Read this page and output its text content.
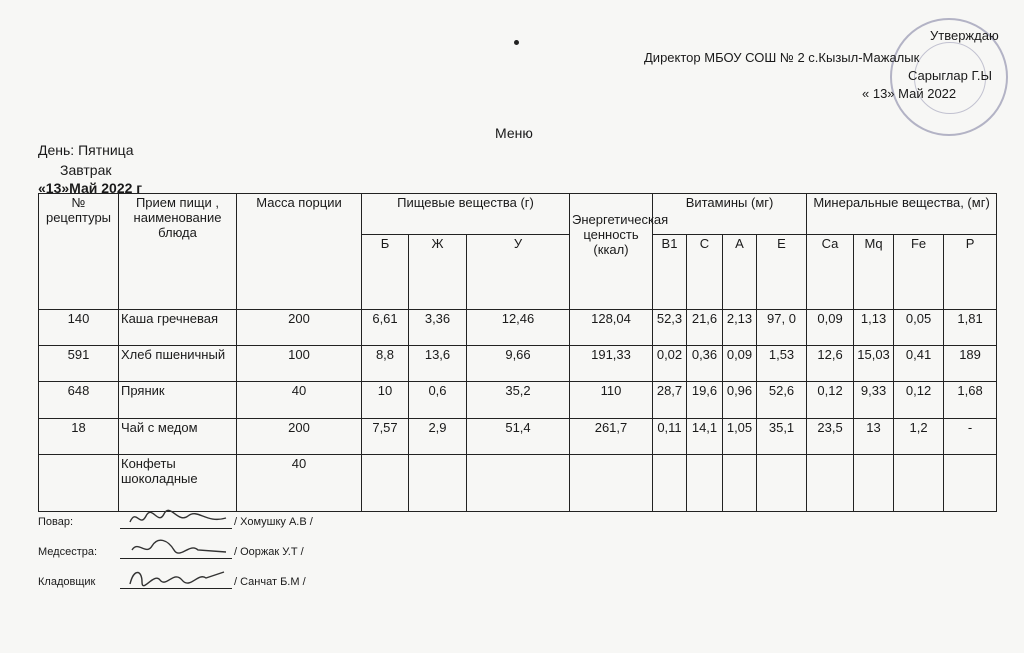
Утверждаю
Директор МБОУ СОШ № 2 с.Кызыл-Мажалык
Сарыглар Г.Ы
« 13» Май 2022
Меню
День: Пятница
Завтрак
«13»Май 2022 г
№ рецептуры	Прием пищи , наименование блюда	Масса порции	Пищевые вещества (г)			Энергетическая ценность (ккал)	Витамины (мг)				Минеральные вещества, (мг)			
			Б	Ж	У		В1	С	А	Е	Са	Mq	Fe	Р
140	Каша гречневая	200	6,61	3,36	12,46	128,04	52,3	21,6	2,13	97, 0	0,09	1,13	0,05	1,81
591	Хлеб пшеничный	100	8,8	13,6	9,66	191,33	0,02	0,36	0,09	1,53	12,6	15,03	0,41	189
648	Пряник	40	10	0,6	35,2	110	28,7	19,6	0,96	52,6	0,12	9,33	0,12	1,68
18	Чай с медом	200	7,57	2,9	51,4	261,7	0,11	14,1	1,05	35,1	23,5	13	1,2	-
	Конфеты шоколадные	40												
Повар:	/ Хомушку А.В /
Медсестра:	/ Ооржак У.Т /
Кладовщик	/ Санчат Б.М /
